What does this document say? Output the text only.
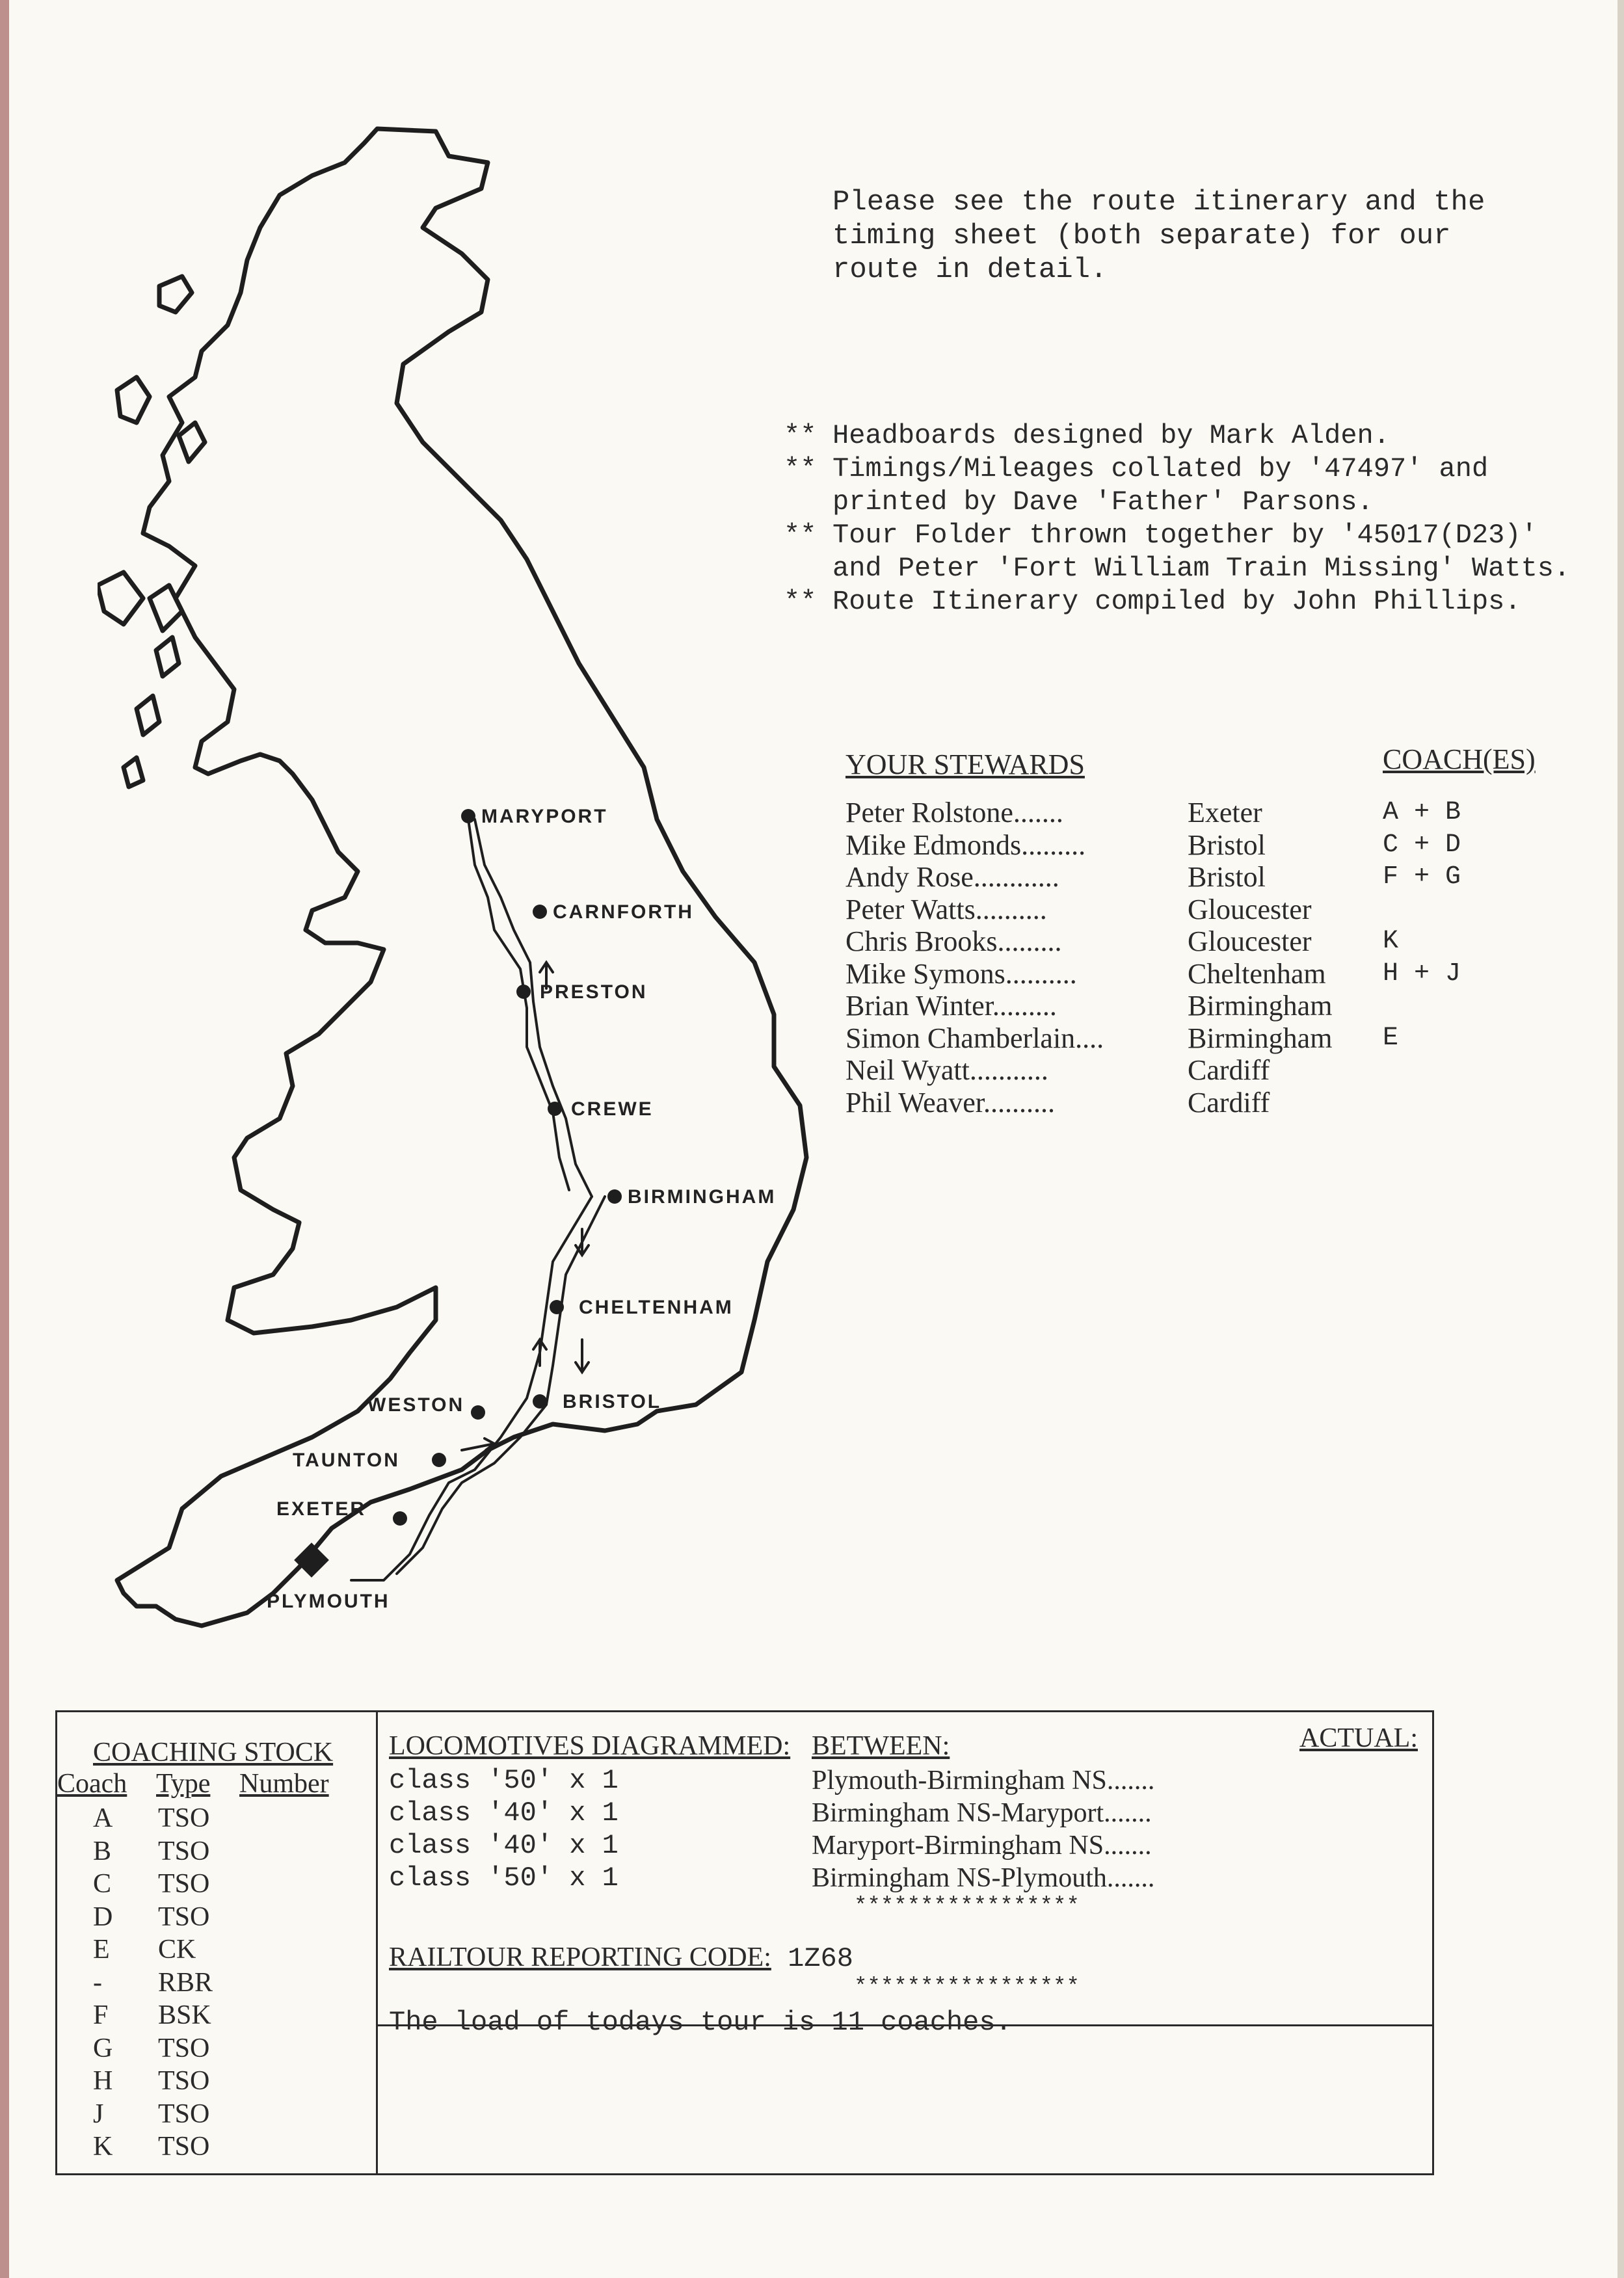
MARYPORT
CARNFORTH
PRESTON
CREWE
BIRMINGHAM
CHELTENHAM
BRISTOL
WESTON
TAUNTON
EXETER
PLYMOUTH
Please see the route itinerary and the
timing sheet (both separate) for our
route in detail.
** Headboards designed by Mark Alden.
** Timings/Mileages collated by '47497' and
printed by Dave 'Father' Parsons.
** Tour Folder thrown together by '45017(D23)'
and Peter 'Fort William Train Missing' Watts.
** Route Itinerary compiled by John Phillips.
YOUR STEWARDS	COACH(ES)
Peter Rolstone.......	Exeter	A + B
Mike Edmonds.........	Bristol	C + D
Andy Rose............	Bristol	F + G
Peter Watts..........	Gloucester
Chris Brooks.........	Gloucester	K
Mike Symons..........	Cheltenham	H + J
Brian Winter.........	Birmingham
Simon Chamberlain....	Birmingham	E
Neil Wyatt...........	Cardiff
Phil Weaver..........	Cardiff
COACHING STOCK
Coach Type Number
A TSO
B TSO
C TSO
D TSO
E CK
- RBR
F BSK
G TSO
H TSO
J TSO
K TSO
LOCOMOTIVES DIAGRAMMED: BETWEEN:	ACTUAL:
class '50' x 1	Plymouth-Birmingham NS.......
class '40' x 1	Birmingham NS-Maryport.......
class '40' x 1	Maryport-Birmingham NS.......
class '50' x 1	Birmingham NS-Plymouth.......
*****************
RAILTOUR REPORTING CODE: 1Z68
*****************
The load of todays tour is 11 coaches.
